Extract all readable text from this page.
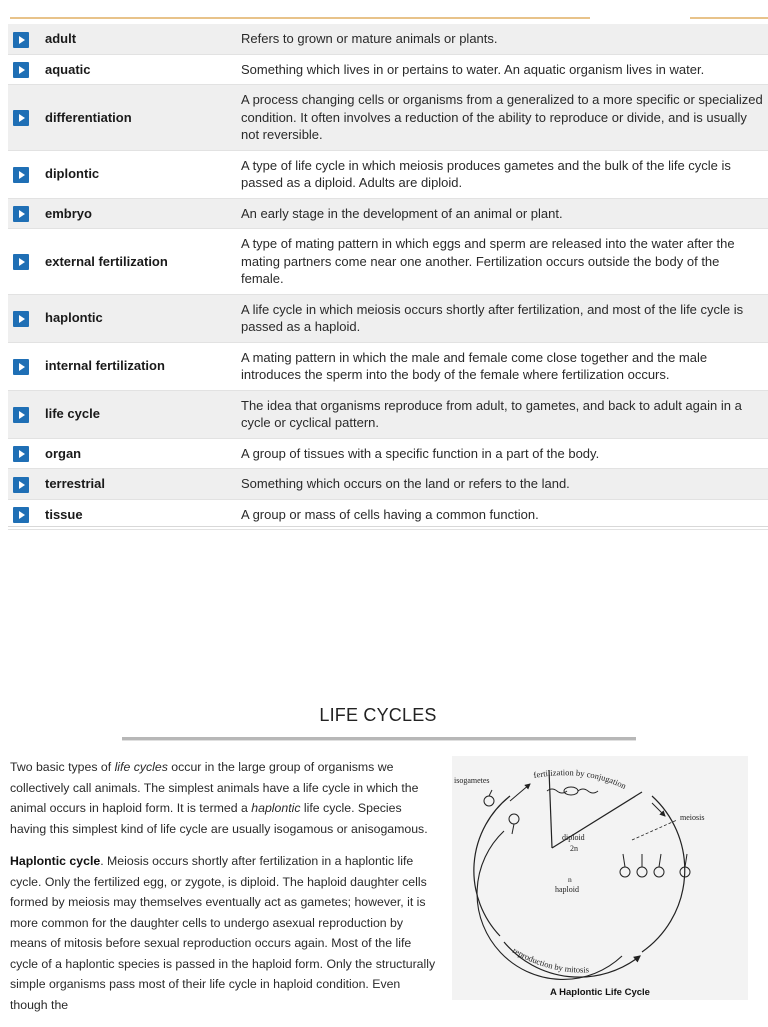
	adult	Refers to grown or mature animals or plants.
	aquatic	Something which lives in or pertains to water. An aquatic organism lives in water.
	differentiation	A process changing cells or organisms from a generalized to a more specific or specialized condition. It often involves a reduction of the ability to reproduce or divide, and is usually not reversible.
	diplontic	A type of life cycle in which meiosis produces gametes and the bulk of the life cycle is passed as a diploid. Adults are diploid.
	embryo	An early stage in the development of an animal or plant.
	external fertilization	A type of mating pattern in which eggs and sperm are released into the water after the mating partners come near one another. Fertilization occurs outside the body of the female.
	haplontic	A life cycle in which meiosis occurs shortly after fertilization, and most of the life cycle is passed as a haploid.
	internal fertilization	A mating pattern in which the male and female come close together and the male introduces the sperm into the body of the female where fertilization occurs.
	life cycle	The idea that organisms reproduce from adult, to gametes, and back to adult again in a cycle or cyclical pattern.
	organ	A group of tissues with a specific function in a part of the body.
	terrestrial	Something which occurs on the land or refers to the land.
	tissue	A group or mass of cells having a common function.
LIFE CYCLES

Two basic types of life cycles occur in the large group of organisms we collectively call animals. The simplest animals have a life cycle in which the animal occurs in haploid form. It is termed a haplontic life cycle. Species having this simplest kind of life cycle are usually isogamous or anisogamous.

Haplontic cycle. Meiosis occurs shortly after fertilization in a haplontic life cycle. Only the fertilized egg, or zygote, is diploid. The haploid daughter cells formed by meiosis may themselves eventually act as gametes; however, it is more common for the daughter cells to undergo asexual reproduction by means of mitosis before sexual reproduction occurs again. Most of the life cycle of a haplontic species is passed in the haploid form. Only the structurally simple organisms pass most of their life cycle in haploid condition. Even though the

isogametes
fertilization by conjugation
meiosis
diploid
2n
n
haploid
reproduction by mitosis
A Haplontic Life Cycle
